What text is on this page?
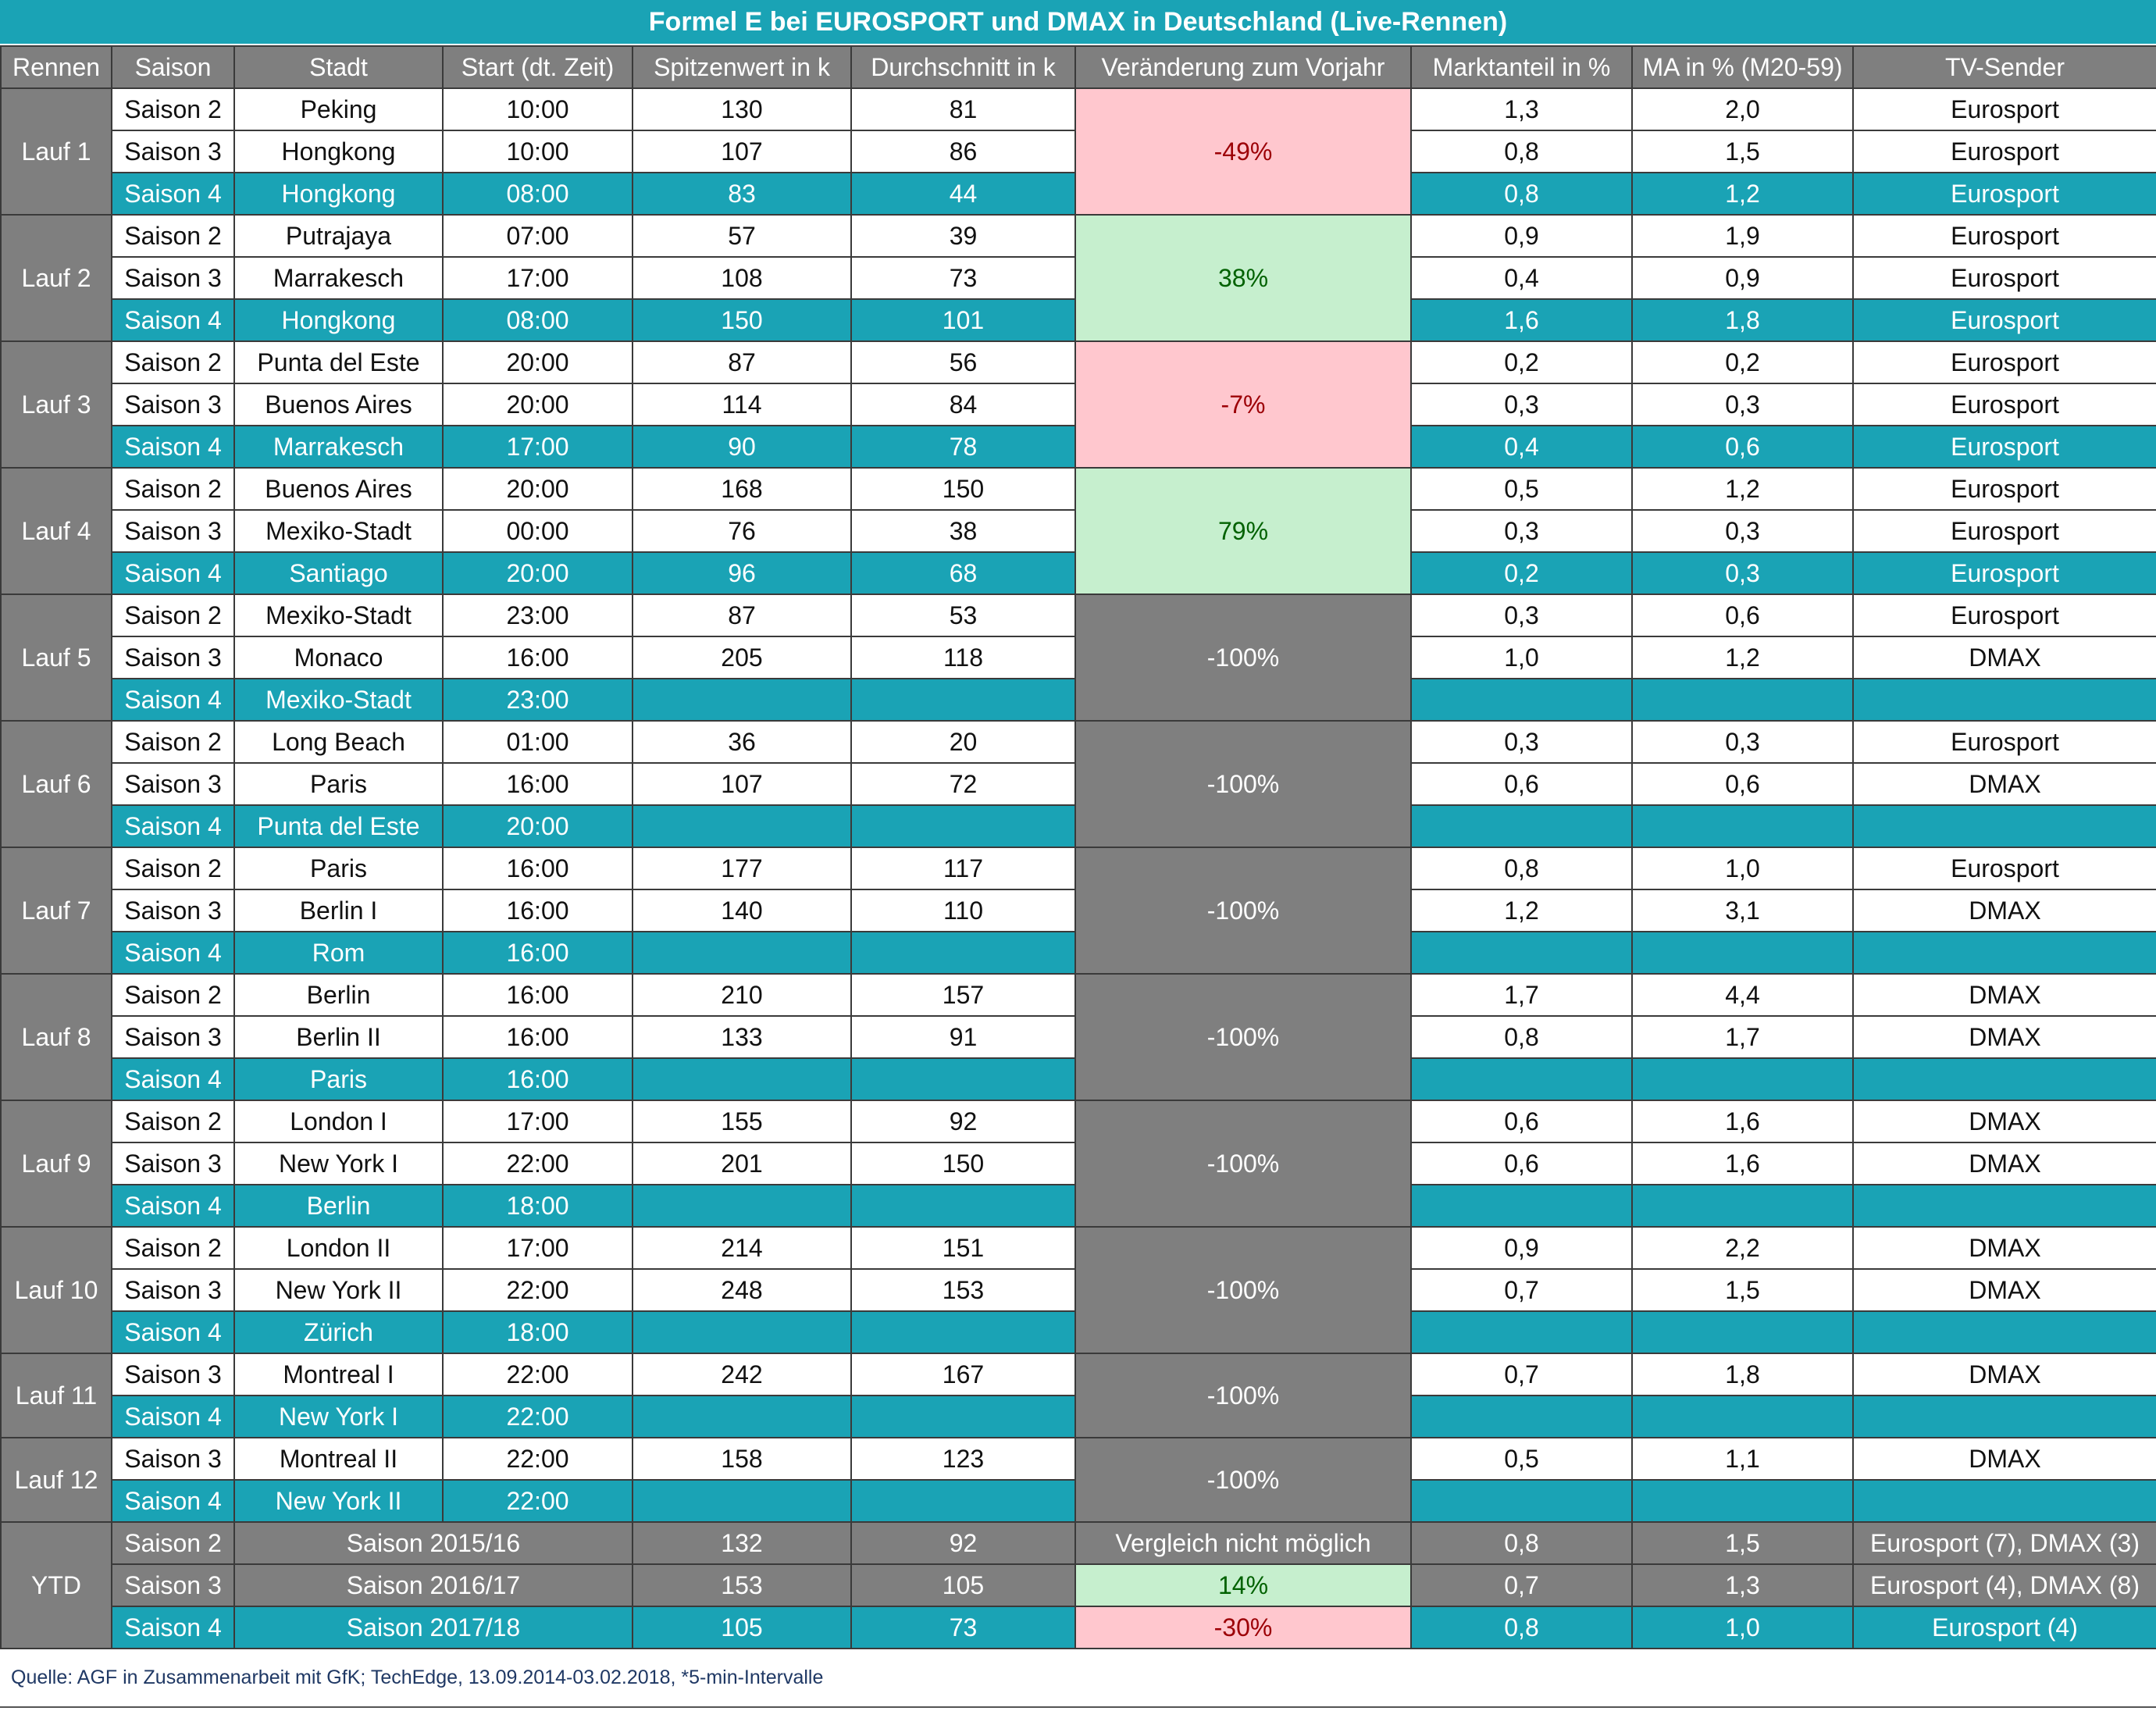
Formel E bei EUROSPORT und DMAX in Deutschland (Live-Rennen)
Rennen	Saison	Stadt	Start (dt. Zeit)	Spitzenwert in k	Durchschnitt in k	Veränderung zum Vorjahr	Marktanteil in %	MA in % (M20-59)	TV-Sender
Lauf 1	Saison 2	Peking	10:00	130	81	-49%	1,3	2,0	Eurosport
	Saison 3	Hongkong	10:00	107	86		0,8	1,5	Eurosport
	Saison 4	Hongkong	08:00	83	44		0,8	1,2	Eurosport
Lauf 2	Saison 2	Putrajaya	07:00	57	39	38%	0,9	1,9	Eurosport
	Saison 3	Marrakesch	17:00	108	73		0,4	0,9	Eurosport
	Saison 4	Hongkong	08:00	150	101		1,6	1,8	Eurosport
Lauf 3	Saison 2	Punta del Este	20:00	87	56	-7%	0,2	0,2	Eurosport
	Saison 3	Buenos Aires	20:00	114	84		0,3	0,3	Eurosport
	Saison 4	Marrakesch	17:00	90	78		0,4	0,6	Eurosport
Lauf 4	Saison 2	Buenos Aires	20:00	168	150	79%	0,5	1,2	Eurosport
	Saison 3	Mexiko-Stadt	00:00	76	38		0,3	0,3	Eurosport
	Saison 4	Santiago	20:00	96	68		0,2	0,3	Eurosport
Lauf 5	Saison 2	Mexiko-Stadt	23:00	87	53	-100%	0,3	0,6	Eurosport
	Saison 3	Monaco	16:00	205	118		1,0	1,2	DMAX
	Saison 4	Mexiko-Stadt	23:00						
Lauf 6	Saison 2	Long Beach	01:00	36	20	-100%	0,3	0,3	Eurosport
	Saison 3	Paris	16:00	107	72		0,6	0,6	DMAX
	Saison 4	Punta del Este	20:00						
Lauf 7	Saison 2	Paris	16:00	177	117	-100%	0,8	1,0	Eurosport
	Saison 3	Berlin I	16:00	140	110		1,2	3,1	DMAX
	Saison 4	Rom	16:00						
Lauf 8	Saison 2	Berlin	16:00	210	157	-100%	1,7	4,4	DMAX
	Saison 3	Berlin II	16:00	133	91		0,8	1,7	DMAX
	Saison 4	Paris	16:00						
Lauf 9	Saison 2	London I	17:00	155	92	-100%	0,6	1,6	DMAX
	Saison 3	New York I	22:00	201	150		0,6	1,6	DMAX
	Saison 4	Berlin	18:00						
Lauf 10	Saison 2	London II	17:00	214	151	-100%	0,9	2,2	DMAX
	Saison 3	New York II	22:00	248	153		0,7	1,5	DMAX
	Saison 4	Zürich	18:00						
Lauf 11	Saison 3	Montreal I	22:00	242	167	-100%	0,7	1,8	DMAX
	Saison 4	New York I	22:00						
Lauf 12	Saison 3	Montreal II	22:00	158	123	-100%	0,5	1,1	DMAX
	Saison 4	New York II	22:00						
YTD	Saison 2	Saison 2015/16		132	92	Vergleich nicht möglich	0,8	1,5	Eurosport (7), DMAX (3)
	Saison 3	Saison 2016/17		153	105	14%	0,7	1,3	Eurosport (4), DMAX (8)
	Saison 4	Saison 2017/18		105	73	-30%	0,8	1,0	Eurosport (4)
Quelle: AGF in Zusammenarbeit mit GfK; TechEdge, 13.09.2014-03.02.2018, *5-min-Intervalle
